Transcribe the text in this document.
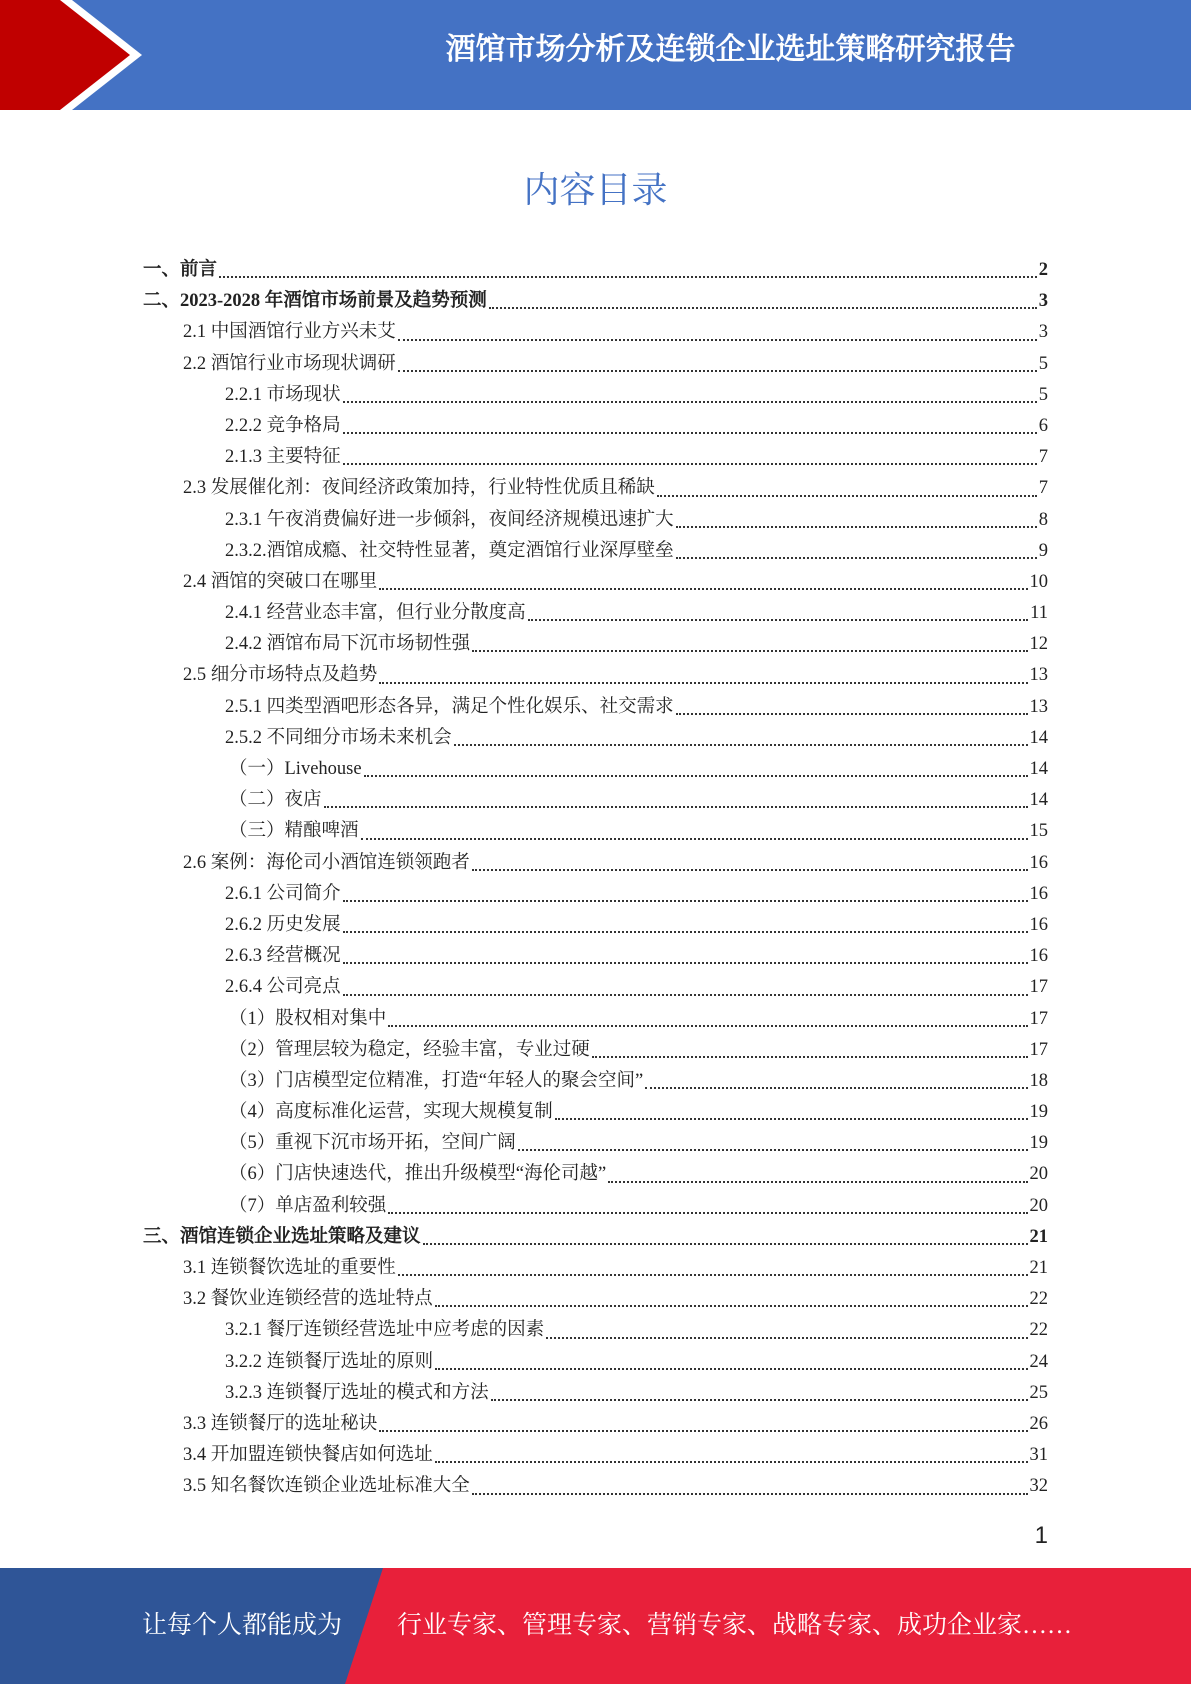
酒馆市场分析及连锁企业选址策略研究报告
内容目录
一、前言	2
二、2023-2028 年酒馆市场前景及趋势预测	3
2.1 中国酒馆行业方兴未艾	3
2.2 酒馆行业市场现状调研	5
2.2.1 市场现状	5
2.2.2 竞争格局	6
2.1.3 主要特征	7
2.3 发展催化剂：夜间经济政策加持，行业特性优质且稀缺	7
2.3.1 午夜消费偏好进一步倾斜，夜间经济规模迅速扩大	8
2.3.2.酒馆成瘾、社交特性显著，奠定酒馆行业深厚壁垒	9
2.4 酒馆的突破口在哪里	10
2.4.1 经营业态丰富，但行业分散度高	11
2.4.2 酒馆布局下沉市场韧性强	12
2.5 细分市场特点及趋势	13
2.5.1 四类型酒吧形态各异，满足个性化娱乐、社交需求	13
2.5.2 不同细分市场未来机会	14
（一）Livehouse	14
（二）夜店	14
（三）精酿啤酒	15
2.6 案例：海伦司小酒馆连锁领跑者	16
2.6.1 公司简介	16
2.6.2 历史发展	16
2.6.3 经营概况	16
2.6.4 公司亮点	17
（1）股权相对集中	17
（2）管理层较为稳定，经验丰富，专业过硬	17
（3）门店模型定位精准，打造“年轻人的聚会空间”	18
（4）高度标准化运营，实现大规模复制	19
（5）重视下沉市场开拓，空间广阔	19
（6）门店快速迭代，推出升级模型“海伦司越”	20
（7）单店盈利较强	20
三、酒馆连锁企业选址策略及建议	21
3.1 连锁餐饮选址的重要性	21
3.2 餐饮业连锁经营的选址特点	22
3.2.1 餐厅连锁经营选址中应考虑的因素	22
3.2.2 连锁餐厅选址的原则	24
3.2.3 连锁餐厅选址的模式和方法	25
3.3 连锁餐厅的选址秘诀	26
3.4 开加盟连锁快餐店如何选址	31
3.5 知名餐饮连锁企业选址标准大全	32
1
让每个人都能成为 行业专家、管理专家、营销专家、战略专家、成功企业家……
